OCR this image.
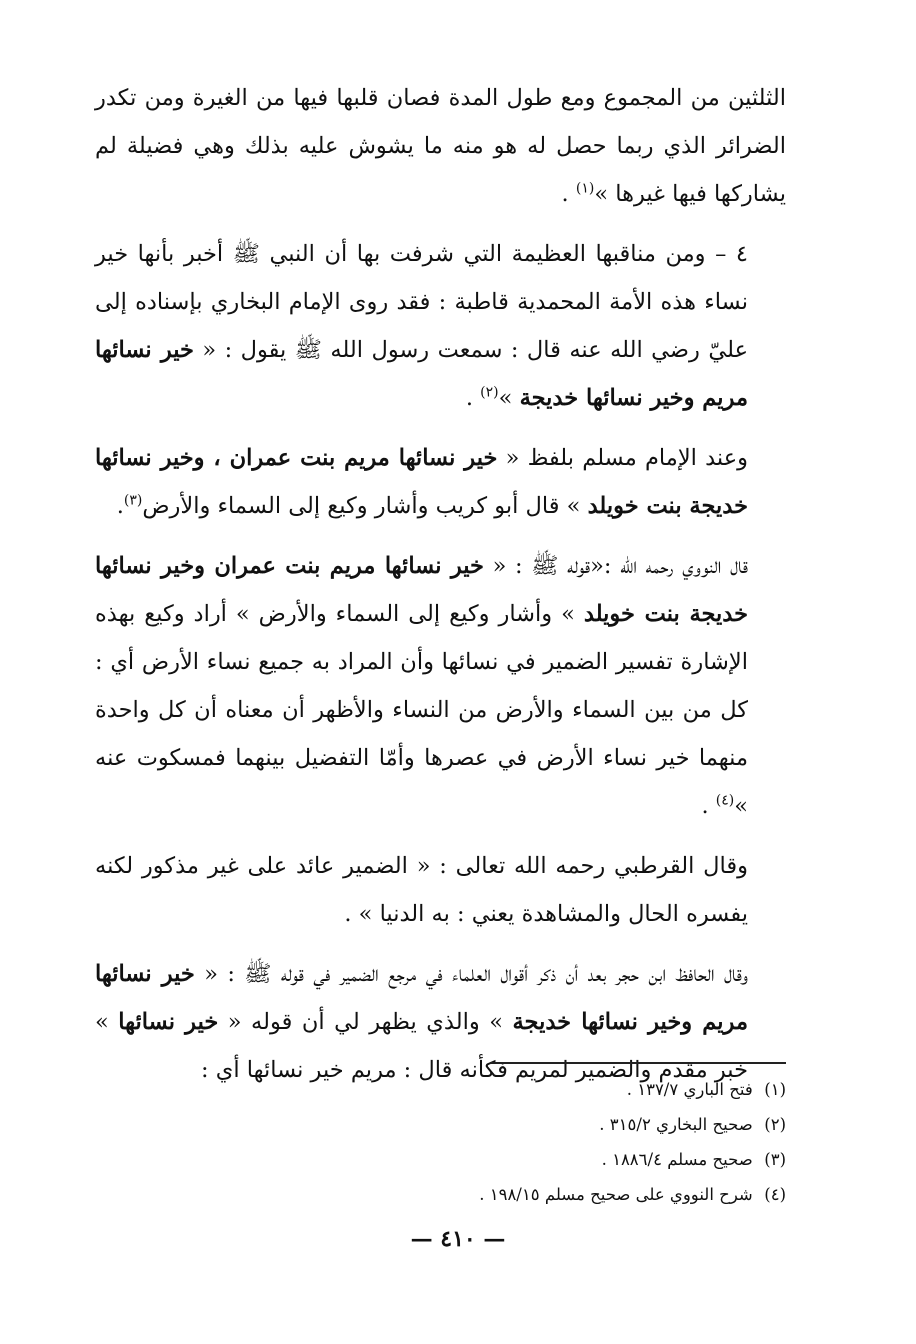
الثلثين من المجموع ومع طول المدة فصان قلبها فيها من الغيرة ومن تكدر الضرائر الذي ربما حصل له هو منه ما يشوش عليه بذلك وهي فضيلة لم يشاركها فيها غيرها »$^{(١)}$ .

٤ – ومن مناقبها العظيمة التي شرفت بها أن النبي ﷺ أخبر بأنها خير نساء هذه الأمة المحمدية قاطبة : فقد روى الإمام البخاري بإسناده إلى عليّ رضي الله عنه قال : سمعت رسول الله ﷺ يقول : « خير نسائها مريم وخير نسائها خديجة »$^{(٢)}$ .

وعند الإمام مسلم بلفظ « خير نسائها مريم بنت عمران ، وخير نسائها خديجة بنت خويلد » قال أبو كريب وأشار وكيع إلى السماء والأرض$^{(٣)}$.

قال النووي رحمه الله :«قوله ﷺ : « خير نسائها مريم بنت عمران وخير نسائها خديجة بنت خويلد » وأشار وكيع إلى السماء والأرض » أراد وكيع بهذه الإشارة تفسير الضمير في نسائها وأن المراد به جميع نساء الأرض أي : كل من بين السماء والأرض من النساء والأظهر أن معناه أن كل واحدة منهما خير نساء الأرض في عصرها وأمّا التفضيل بينهما فمسكوت عنه »$^{(٤)}$ .

وقال القرطبي رحمه الله تعالى : « الضمير عائد على غير مذكور لكنه يفسره الحال والمشاهدة يعني : به الدنيا » .

وقال الحافظ ابن حجر بعد أن ذكر أقوال العلماء في مرجع الضمير في قوله ﷺ : « خير نسائها مريم وخير نسائها خديجة » والذي يظهر لي أن قوله « خير نسائها » خبر مقدم والضمير لمريم فكأنه قال : مريم خير نسائها أي :

(١) فتح الباري ١٣٧/٧ .

(٢) صحيح البخاري ٣١٥/٢ .

(٣) صحيح مسلم ١٨٨٦/٤ .

(٤) شرح النووي على صحيح مسلم ١٩٨/١٥ .

— ٤١٠ —
